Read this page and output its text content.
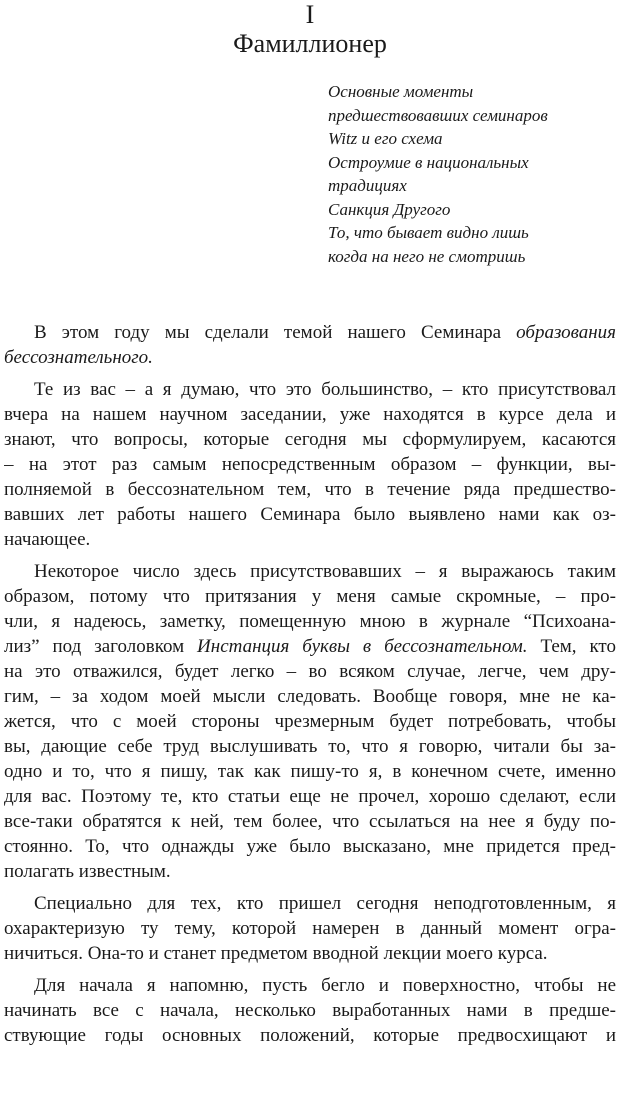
I
Фамиллионер
Основные моменты
предшествовавших семинаров
Witz и его схема
Остроумие в национальных
традициях
Санкция Другого
То, что бывает видно лишь
когда на него не смотришь
В этом году мы сделали темой нашего Семинара образования
бессознательного.
Те из вас – а я думаю, что это большинство, – кто присутствовал
вчера на нашем научном заседании, уже находятся в курсе дела и
знают, что вопросы, которые сегодня мы сформулируем, касаются
– на этот раз самым непосредственным образом – функции, вы-
полняемой в бессознательном тем, что в течение ряда предшество-
вавших лет работы нашего Семинара было выявлено нами как оз-
начающее.
Некоторое число здесь присутствовавших – я выражаюсь таким
образом, потому что притязания у меня самые скромные, – про-
чли, я надеюсь, заметку, помещенную мною в журнале “Психоана-
лиз” под заголовком Инстанция буквы в бессознательном. Тем, кто
на это отважился, будет легко – во всяком случае, легче, чем дру-
гим, – за ходом моей мысли следовать. Вообще говоря, мне не ка-
жется, что с моей стороны чрезмерным будет потребовать, чтобы
вы, дающие себе труд выслушивать то, что я говорю, читали бы за-
одно и то, что я пишу, так как пишу-то я, в конечном счете, именно
для вас. Поэтому те, кто статьи еще не прочел, хорошо сделают, если
все-таки обратятся к ней, тем более, что ссылаться на нее я буду по-
стоянно. То, что однажды уже было высказано, мне придется пред-
полагать известным.
Специально для тех, кто пришел сегодня неподготовленным, я
охарактеризую ту тему, которой намерен в данный момент огра-
ничиться. Она-то и станет предметом вводной лекции моего курса.
Для начала я напомню, пусть бегло и поверхностно, чтобы не
начинать все с начала, несколько выработанных нами в предше-
ствующие годы основных положений, которые предвосхищают и
